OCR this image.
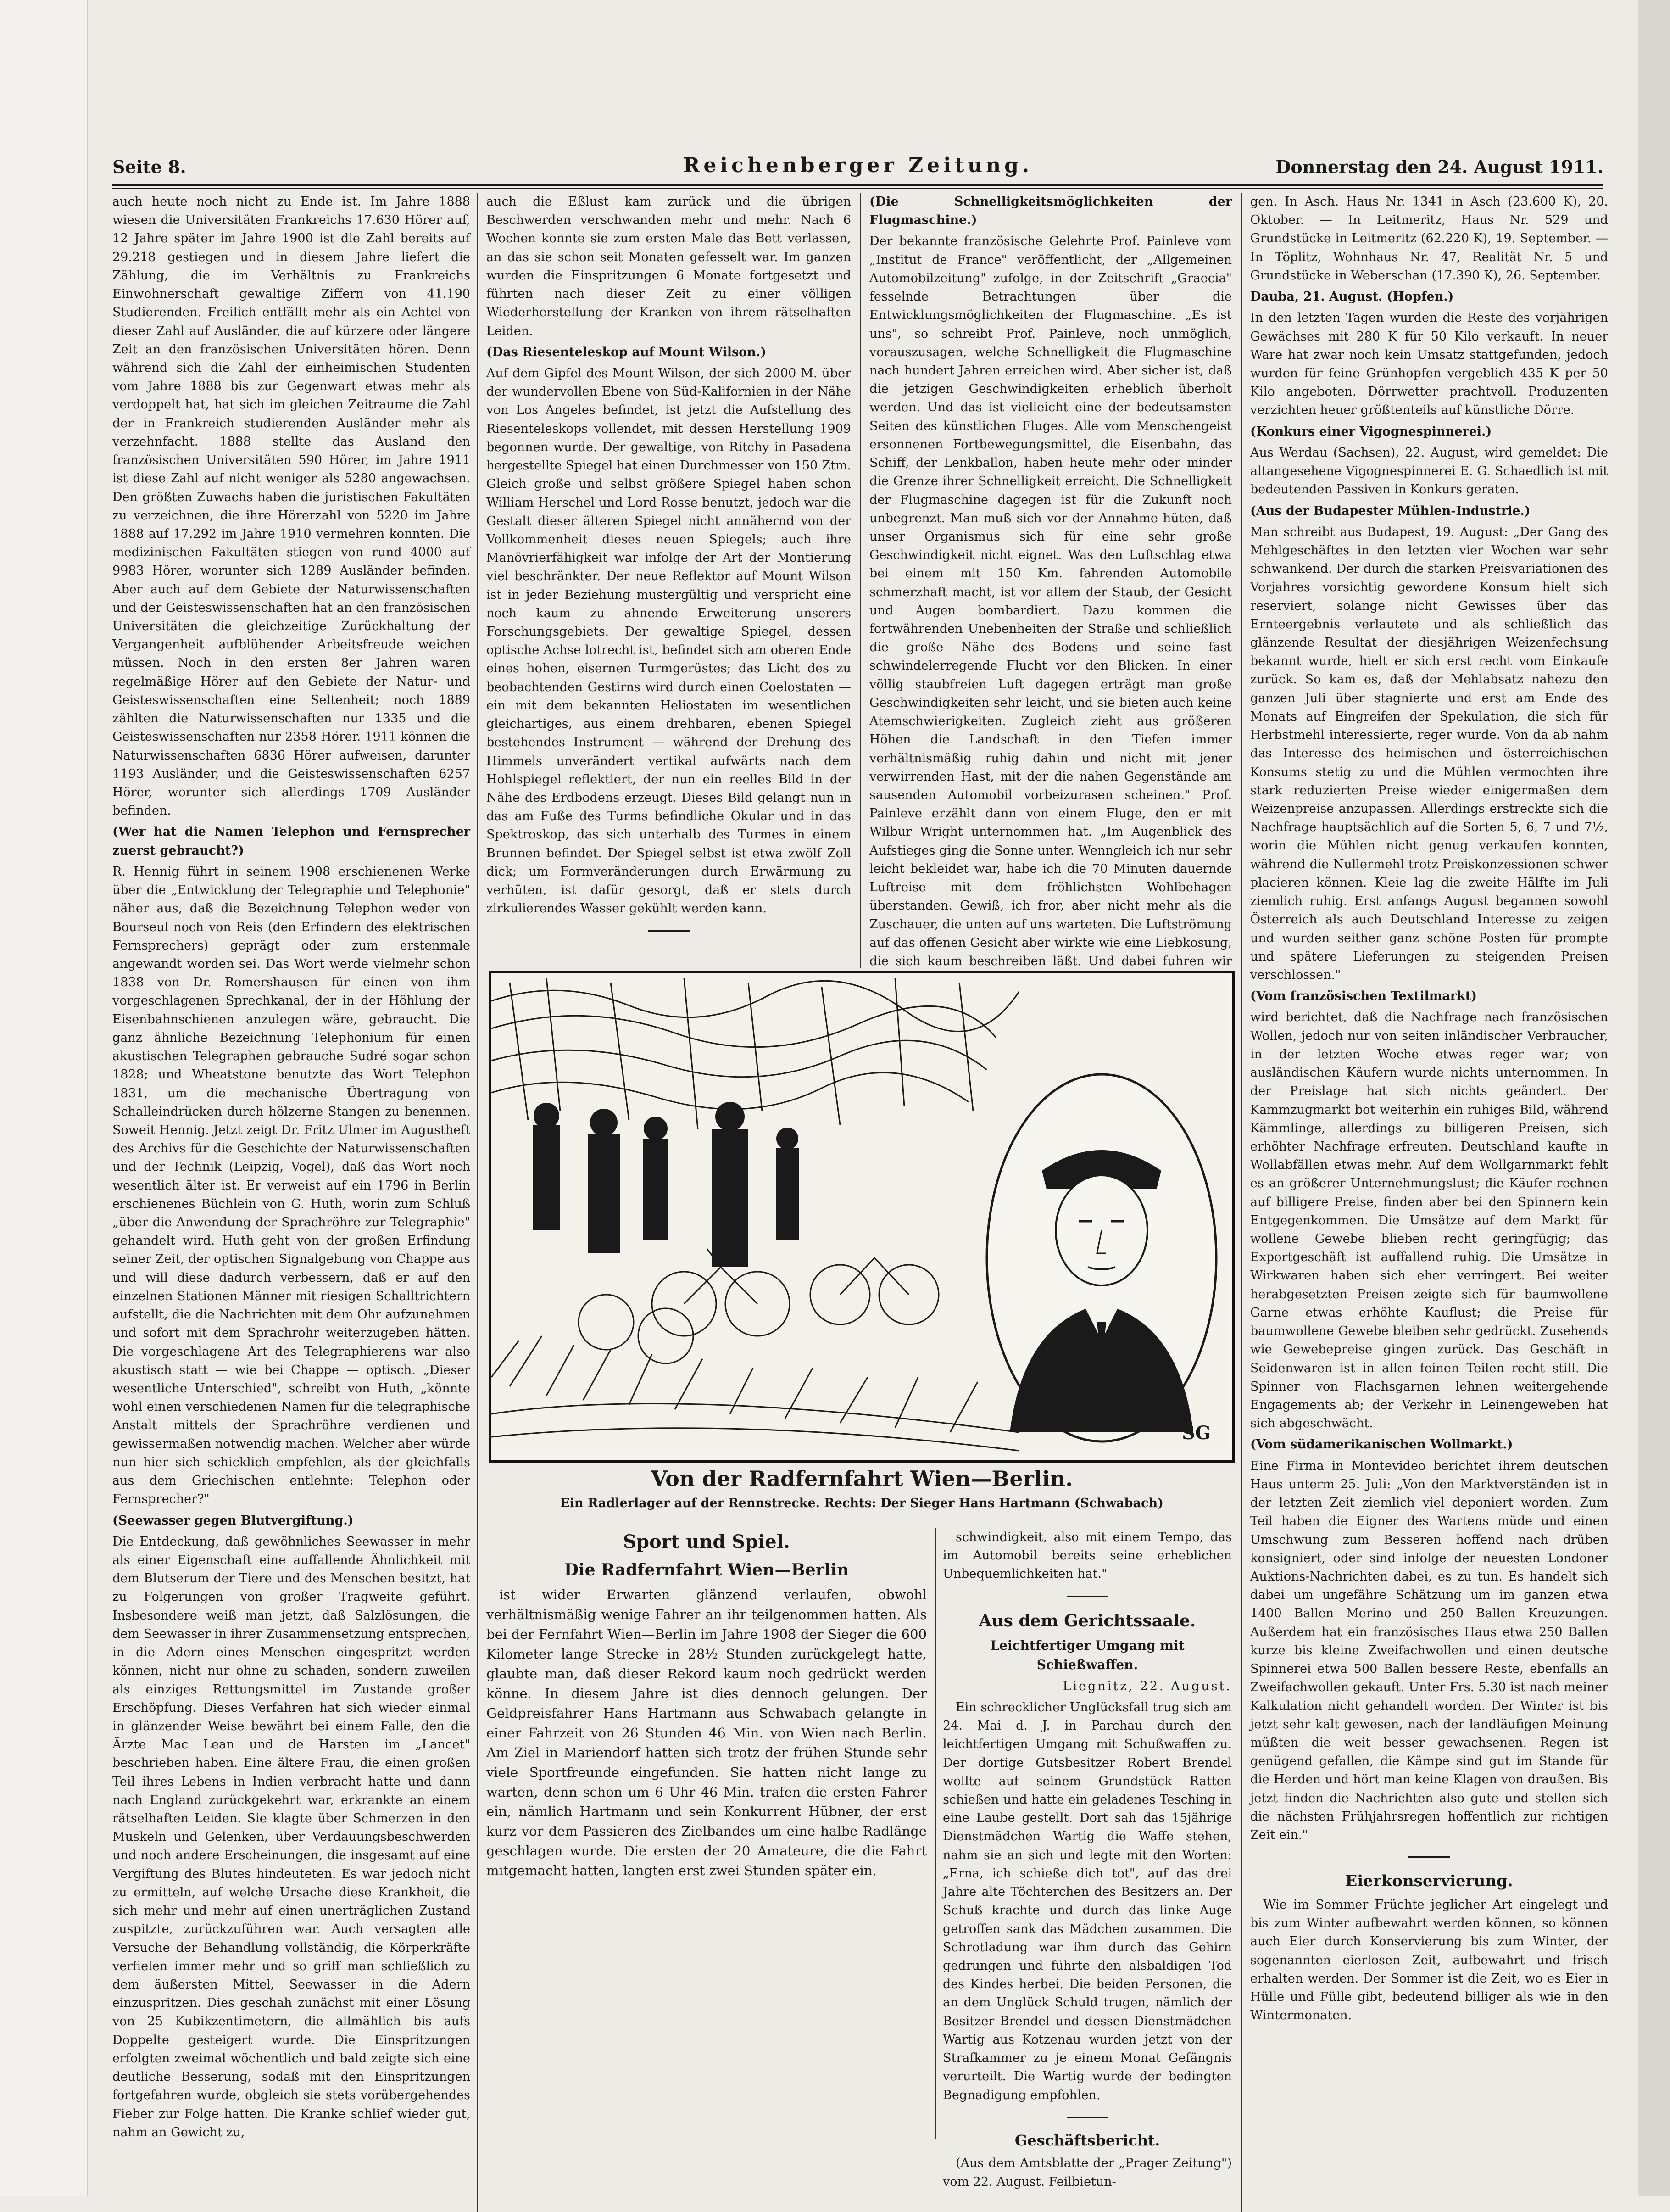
Seite 8.	Reichenberger Zeitung.	Donnerstag den 24. August 1911.

auch heute noch nicht zu Ende ist. Im Jahre 1888 wiesen die Universitäten Frankreichs 17.630 Hörer auf, 12 Jahre später im Jahre 1900 ist die Zahl bereits auf 29.218 gestiegen und in diesem Jahre liefert die Zählung, die im Verhältnis zu Frankreichs Einwohnerschaft gewaltige Ziffern von 41.190 Studierenden. Freilich entfällt mehr als ein Achtel von dieser Zahl auf Ausländer, die auf kürzere oder längere Zeit an den französischen Universitäten hören. Denn während sich die Zahl der einheimischen Studenten vom Jahre 1888 bis zur Gegenwart etwas mehr als verdoppelt hat, hat sich im gleichen Zeitraume die Zahl der in Frankreich studierenden Ausländer mehr als verzehnfacht. 1888 stellte das Ausland den französischen Universitäten 590 Hörer, im Jahre 1911 ist diese Zahl auf nicht weniger als 5280 angewachsen. Den größten Zuwachs haben die juristischen Fakultäten zu verzeichnen, die ihre Hörerzahl von 5220 im Jahre 1888 auf 17.292 im Jahre 1910 vermehren konnten. Die medizinischen Fakultäten stiegen von rund 4000 auf 9983 Hörer, worunter sich 1289 Ausländer befinden. Aber auch auf dem Gebiete der Naturwissenschaften und der Geisteswissenschaften hat an den französischen Universitäten die gleichzeitige Zurückhaltung der Vergangenheit aufblühender Arbeitsfreude weichen müssen. Noch in den ersten 8er Jahren waren regelmäßige Hörer auf den Gebiete der Natur- und Geisteswissenschaften eine Seltenheit; noch 1889 zählten die Naturwissenschaften nur 1335 und die Geisteswissenschaften nur 2358 Hörer. 1911 können die Naturwissenschaften 6836 Hörer aufweisen, darunter 1193 Ausländer, und die Geisteswissenschaften 6257 Hörer, worunter sich allerdings 1709 Ausländer befinden.

(Wer hat die Namen Telephon und Fernsprecher zuerst gebraucht?)

R. Hennig führt in seinem 1908 erschienenen Werke über die „Entwicklung der Telegraphie und Telephonie" näher aus, daß die Bezeichnung Telephon weder von Bourseul noch von Reis (den Erfindern des elektrischen Fernsprechers) geprägt oder zum erstenmale angewandt worden sei. Das Wort werde vielmehr schon 1838 von Dr. Romershausen für einen von ihm vorgeschlagenen Sprechkanal, der in der Höhlung der Eisenbahnschienen anzulegen wäre, gebraucht. Die ganz ähnliche Bezeichnung Telephonium für einen akustischen Telegraphen gebrauche Sudré sogar schon 1828; und Wheatstone benutzte das Wort Telephon 1831, um die mechanische Übertragung von Schalleindrücken durch hölzerne Stangen zu benennen. Soweit Hennig. Jetzt zeigt Dr. Fritz Ulmer im Augustheft des Archivs für die Geschichte der Naturwissenschaften und der Technik (Leipzig, Vogel), daß das Wort noch wesentlich älter ist. Er verweist auf ein 1796 in Berlin erschienenes Büchlein von G. Huth, worin zum Schluß „über die Anwendung der Sprachröhre zur Telegraphie" gehandelt wird. Huth geht von der großen Erfindung seiner Zeit, der optischen Signalgebung von Chappe aus und will diese dadurch verbessern, daß er auf den einzelnen Stationen Männer mit riesigen Schalltrichtern aufstellt, die die Nachrichten mit dem Ohr aufzunehmen und sofort mit dem Sprachrohr weiterzugeben hätten. Die vorgeschlagene Art des Telegraphierens war also akustisch statt — wie bei Chappe — optisch. „Dieser wesentliche Unterschied", schreibt von Huth, „könnte wohl einen verschiedenen Namen für die telegraphische Anstalt mittels der Sprachröhre verdienen und gewissermaßen notwendig machen. Welcher aber würde nun hier sich schicklich empfehlen, als der gleichfalls aus dem Griechischen entlehnte: Telephon oder Fernsprecher?"

(Seewasser gegen Blutvergiftung.)

Die Entdeckung, daß gewöhnliches Seewasser in mehr als einer Eigenschaft eine auffallende Ähnlichkeit mit dem Blutserum der Tiere und des Menschen besitzt, hat zu Folgerungen von großer Tragweite geführt. Insbesondere weiß man jetzt, daß Salzlösungen, die dem Seewasser in ihrer Zusammensetzung entsprechen, in die Adern eines Menschen eingespritzt werden können, nicht nur ohne zu schaden, sondern zuweilen als einziges Rettungsmittel im Zustande großer Erschöpfung. Dieses Verfahren hat sich wieder einmal in glänzender Weise bewährt bei einem Falle, den die Ärzte Mac Lean und de Harsten im „Lancet" beschrieben haben. Eine ältere Frau, die einen großen Teil ihres Lebens in Indien verbracht hatte und dann nach England zurückgekehrt war, erkrankte an einem rätselhaften Leiden. Sie klagte über Schmerzen in den Muskeln und Gelenken, über Verdauungsbeschwerden und noch andere Erscheinungen, die insgesamt auf eine Vergiftung des Blutes hindeuteten. Es war jedoch nicht zu ermitteln, auf welche Ursache diese Krankheit, die sich mehr und mehr auf einen unerträglichen Zustand zuspitzte, zurückzuführen war. Auch versagten alle Versuche der Behandlung vollständig, die Körperkräfte verfielen immer mehr und so griff man schließlich zu dem äußersten Mittel, Seewasser in die Adern einzuspritzen. Dies geschah zunächst mit einer Lösung von 25 Kubikzentimetern, die allmählich bis aufs Doppelte gesteigert wurde. Die Einspritzungen erfolgten zweimal wöchentlich und bald zeigte sich eine deutliche Besserung, sodaß mit den Einspritzungen fortgefahren wurde, obgleich sie stets vorübergehendes Fieber zur Folge hatten. Die Kranke schlief wieder gut, nahm an Gewicht zu,

auch die Eßlust kam zurück und die übrigen Beschwerden verschwanden mehr und mehr. Nach 6 Wochen konnte sie zum ersten Male das Bett verlassen, an das sie schon seit Monaten gefesselt war. Im ganzen wurden die Einspritzungen 6 Monate fortgesetzt und führten nach dieser Zeit zu einer völligen Wiederherstellung der Kranken von ihrem rätselhaften Leiden.

(Das Riesenteleskop auf Mount Wilson.)

Auf dem Gipfel des Mount Wilson, der sich 2000 M. über der wundervollen Ebene von Süd-Kalifornien in der Nähe von Los Angeles befindet, ist jetzt die Aufstellung des Riesenteleskops vollendet, mit dessen Herstellung 1909 begonnen wurde. Der gewaltige, von Ritchy in Pasadena hergestellte Spiegel hat einen Durchmesser von 150 Ztm. Gleich große und selbst größere Spiegel haben schon William Herschel und Lord Rosse benutzt, jedoch war die Gestalt dieser älteren Spiegel nicht annähernd von der Vollkommenheit dieses neuen Spiegels; auch ihre Manövrierfähigkeit war infolge der Art der Montierung viel beschränkter. Der neue Reflektor auf Mount Wilson ist in jeder Beziehung mustergültig und verspricht eine noch kaum zu ahnende Erweiterung unserers Forschungsgebiets. Der gewaltige Spiegel, dessen optische Achse lotrecht ist, befindet sich am oberen Ende eines hohen, eisernen Turmgerüstes; das Licht des zu beobachtenden Gestirns wird durch einen Coelostaten — ein mit dem bekannten Heliostaten im wesentlichen gleichartiges, aus einem drehbaren, ebenen Spiegel bestehendes Instrument — während der Drehung des Himmels unverändert vertikal aufwärts nach dem Hohlspiegel reflektiert, der nun ein reelles Bild in der Nähe des Erdbodens erzeugt. Dieses Bild gelangt nun in das am Fuße des Turms befindliche Okular und in das Spektroskop, das sich unterhalb des Turmes in einem Brunnen befindet. Der Spiegel selbst ist etwa zwölf Zoll dick; um Formveränderungen durch Erwärmung zu verhüten, ist dafür gesorgt, daß er stets durch zirkulierendes Wasser gekühlt werden kann.

(Die Schnelligkeitsmöglichkeiten der Flugmaschine.)

Der bekannte französische Gelehrte Prof. Painleve vom „Institut de France" veröffentlicht, der „Allgemeinen Automobilzeitung" zufolge, in der Zeitschrift „Graecia" fesselnde Betrachtungen über die Entwicklungsmöglichkeiten der Flugmaschine. „Es ist uns", so schreibt Prof. Painleve, noch unmöglich, vorauszusagen, welche Schnelligkeit die Flugmaschine nach hundert Jahren erreichen wird. Aber sicher ist, daß die jetzigen Geschwindigkeiten erheblich überholt werden. Und das ist vielleicht eine der bedeutsamsten Seiten des künstlichen Fluges. Alle vom Menschengeist ersonnenen Fortbewegungsmittel, die Eisenbahn, das Schiff, der Lenkballon, haben heute mehr oder minder die Grenze ihrer Schnelligkeit erreicht. Die Schnelligkeit der Flugmaschine dagegen ist für die Zukunft noch unbegrenzt. Man muß sich vor der Annahme hüten, daß unser Organismus sich für eine sehr große Geschwindigkeit nicht eignet. Was den Luftschlag etwa bei einem mit 150 Km. fahrenden Automobile schmerzhaft macht, ist vor allem der Staub, der Gesicht und Augen bombardiert. Dazu kommen die fortwährenden Unebenheiten der Straße und schließlich die große Nähe des Bodens und seine fast schwindelerregende Flucht vor den Blicken. In einer völlig staubfreien Luft dagegen erträgt man große Geschwindigkeiten sehr leicht, und sie bieten auch keine Atemschwierigkeiten. Zugleich zieht aus größeren Höhen die Landschaft in den Tiefen immer verhältnismäßig ruhig dahin und nicht mit jener verwirrenden Hast, mit der die nahen Gegenstände am sausenden Automobil vorbeizurasen scheinen." Prof. Painleve erzählt dann von einem Fluge, den er mit Wilbur Wright unternommen hat. „Im Augenblick des Aufstieges ging die Sonne unter. Wenngleich ich nur sehr leicht bekleidet war, habe ich die 70 Minuten dauernde Luftreise mit dem fröhlichsten Wohlbehagen überstanden. Gewiß, ich fror, aber nicht mehr als die Zuschauer, die unten auf uns warteten. Die Luftströmung auf das offenen Gesicht aber wirkte wie eine Liebkosung, die sich kaum beschreiben läßt. Und dabei fuhren wir

SG
Von der Radfernfahrt Wien—Berlin.
Ein Radlerlager auf der Rennstrecke. Rechts: Der Sieger Hans Hartmann (Schwabach)

Sport und Spiel.

Die Radfernfahrt Wien—Berlin

ist wider Erwarten glänzend verlaufen, obwohl verhältnismäßig wenige Fahrer an ihr teilgenommen hatten. Als bei der Fernfahrt Wien—Berlin im Jahre 1908 der Sieger die 600 Kilometer lange Strecke in 28½ Stunden zurückgelegt hatte, glaubte man, daß dieser Rekord kaum noch gedrückt werden könne. In diesem Jahre ist dies dennoch gelungen. Der Geldpreisfahrer Hans Hartmann aus Schwabach gelangte in einer Fahrzeit von 26 Stunden 46 Min. von Wien nach Berlin. Am Ziel in Mariendorf hatten sich trotz der frühen Stunde sehr viele Sportfreunde eingefunden. Sie hatten nicht lange zu warten, denn schon um 6 Uhr 46 Min. trafen die ersten Fahrer ein, nämlich Hartmann und sein Konkurrent Hübner, der erst kurz vor dem Passieren des Zielbandes um eine halbe Radlänge geschlagen wurde. Die ersten der 20 Amateure, die die Fahrt mitgemacht hatten, langten erst zwei Stunden später ein.

schwindigkeit, also mit einem Tempo, das im Automobil bereits seine erheblichen Unbequemlichkeiten hat."

Aus dem Gerichtssaale.

Leichtfertiger Umgang mit Schießwaffen.

Liegnitz, 22. August.

Ein schrecklicher Unglücksfall trug sich am 24. Mai d. J. in Parchau durch den leichtfertigen Umgang mit Schußwaffen zu. Der dortige Gutsbesitzer Robert Brendel wollte auf seinem Grundstück Ratten schießen und hatte ein geladenes Tesching in eine Laube gestellt. Dort sah das 15jährige Dienstmädchen Wartig die Waffe stehen, nahm sie an sich und legte mit den Worten: „Erna, ich schieße dich tot", auf das drei Jahre alte Töchterchen des Besitzers an. Der Schuß krachte und durch das linke Auge getroffen sank das Mädchen zusammen. Die Schrotladung war ihm durch das Gehirn gedrungen und führte den alsbaldigen Tod des Kindes herbei. Die beiden Personen, die an dem Unglück Schuld trugen, nämlich der Besitzer Brendel und dessen Dienstmädchen Wartig aus Kotzenau wurden jetzt von der Strafkammer zu je einem Monat Gefängnis verurteilt. Die Wartig wurde der bedingten Begnadigung empfohlen.

Geschäftsbericht.

(Aus dem Amtsblatte der „Prager Zeitung") vom 22. August. Feilbietun-

gen. In Asch. Haus Nr. 1341 in Asch (23.600 K), 20. Oktober. — In Leitmeritz, Haus Nr. 529 und Grundstücke in Leitmeritz (62.220 K), 19. September. — In Töplitz, Wohnhaus Nr. 47, Realität Nr. 5 und Grundstücke in Weberschan (17.390 K), 26. September.

Dauba, 21. August. (Hopfen.)

In den letzten Tagen wurden die Reste des vorjährigen Gewächses mit 280 K für 50 Kilo verkauft. In neuer Ware hat zwar noch kein Umsatz stattgefunden, jedoch wurden für feine Grünhopfen vergeblich 435 K per 50 Kilo angeboten. Dörrwetter prachtvoll. Produzenten verzichten heuer größtenteils auf künstliche Dörre.

(Konkurs einer Vigognespinnerei.)

Aus Werdau (Sachsen), 22. August, wird gemeldet: Die altangesehene Vigognespinnerei E. G. Schaedlich ist mit bedeutenden Passiven in Konkurs geraten.

(Aus der Budapester Mühlen-Industrie.)

Man schreibt aus Budapest, 19. August: „Der Gang des Mehlgeschäftes in den letzten vier Wochen war sehr schwankend. Der durch die starken Preisvariationen des Vorjahres vorsichtig gewordene Konsum hielt sich reserviert, solange nicht Gewisses über das Ernteergebnis verlautete und als schließlich das glänzende Resultat der diesjährigen Weizenfechsung bekannt wurde, hielt er sich erst recht vom Einkaufe zurück. So kam es, daß der Mehlabsatz nahezu den ganzen Juli über stagnierte und erst am Ende des Monats auf Eingreifen der Spekulation, die sich für Herbstmehl interessierte, reger wurde. Von da ab nahm das Interesse des heimischen und österreichischen Konsums stetig zu und die Mühlen vermochten ihre stark reduzierten Preise wieder einigermaßen dem Weizenpreise anzupassen. Allerdings erstreckte sich die Nachfrage hauptsächlich auf die Sorten 5, 6, 7 und 7½, worin die Mühlen nicht genug verkaufen konnten, während die Nullermehl trotz Preiskonzessionen schwer placieren können. Kleie lag die zweite Hälfte im Juli ziemlich ruhig. Erst anfangs August begannen sowohl Österreich als auch Deutschland Interesse zu zeigen und wurden seither ganz schöne Posten für prompte und spätere Lieferungen zu steigenden Preisen verschlossen."

(Vom französischen Textilmarkt)

wird berichtet, daß die Nachfrage nach französischen Wollen, jedoch nur von seiten inländischer Verbraucher, in der letzten Woche etwas reger war; von ausländischen Käufern wurde nichts unternommen. In der Preislage hat sich nichts geändert. Der Kammzugmarkt bot weiterhin ein ruhiges Bild, während Kämmlinge, allerdings zu billigeren Preisen, sich erhöhter Nachfrage erfreuten. Deutschland kaufte in Wollabfällen etwas mehr. Auf dem Wollgarnmarkt fehlt es an größerer Unternehmungslust; die Käufer rechnen auf billigere Preise, finden aber bei den Spinnern kein Entgegenkommen. Die Umsätze auf dem Markt für wollene Gewebe blieben recht geringfügig; das Exportgeschäft ist auffallend ruhig. Die Umsätze in Wirkwaren haben sich eher verringert. Bei weiter herabgesetzten Preisen zeigte sich für baumwollene Garne etwas erhöhte Kauflust; die Preise für baumwollene Gewebe bleiben sehr gedrückt. Zusehends wie Gewebepreise gingen zurück. Das Geschäft in Seidenwaren ist in allen feinen Teilen recht still. Die Spinner von Flachsgarnen lehnen weitergehende Engagements ab; der Verkehr in Leinengeweben hat sich abgeschwächt.

(Vom südamerikanischen Wollmarkt.)

Eine Firma in Montevideo berichtet ihrem deutschen Haus unterm 25. Juli: „Von den Marktverständen ist in der letzten Zeit ziemlich viel deponiert worden. Zum Teil haben die Eigner des Wartens müde und einen Umschwung zum Besseren hoffend nach drüben konsigniert, oder sind infolge der neuesten Londoner Auktions-Nachrichten dabei, es zu tun. Es handelt sich dabei um ungefähre Schätzung um im ganzen etwa 1400 Ballen Merino und 250 Ballen Kreuzungen. Außerdem hat ein französisches Haus etwa 250 Ballen kurze bis kleine Zweifachwollen und einen deutsche Spinnerei etwa 500 Ballen bessere Reste, ebenfalls an Zweifachwollen gekauft. Unter Frs. 5.30 ist nach meiner Kalkulation nicht gehandelt worden. Der Winter ist bis jetzt sehr kalt gewesen, nach der landläufigen Meinung müßten die weit besser gewachsenen. Regen ist genügend gefallen, die Kämpe sind gut im Stande für die Herden und hört man keine Klagen von draußen. Bis jetzt finden die Nachrichten also gute und stellen sich die nächsten Frühjahrsregen hoffentlich zur richtigen Zeit ein."

Eierkonservierung.

Wie im Sommer Früchte jeglicher Art eingelegt und bis zum Winter aufbewahrt werden können, so können auch Eier durch Konservierung bis zum Winter, der sogenannten eierlosen Zeit, aufbewahrt und frisch erhalten werden. Der Sommer ist die Zeit, wo es Eier in Hülle und Fülle gibt, bedeutend billiger als wie in den Wintermonaten.
